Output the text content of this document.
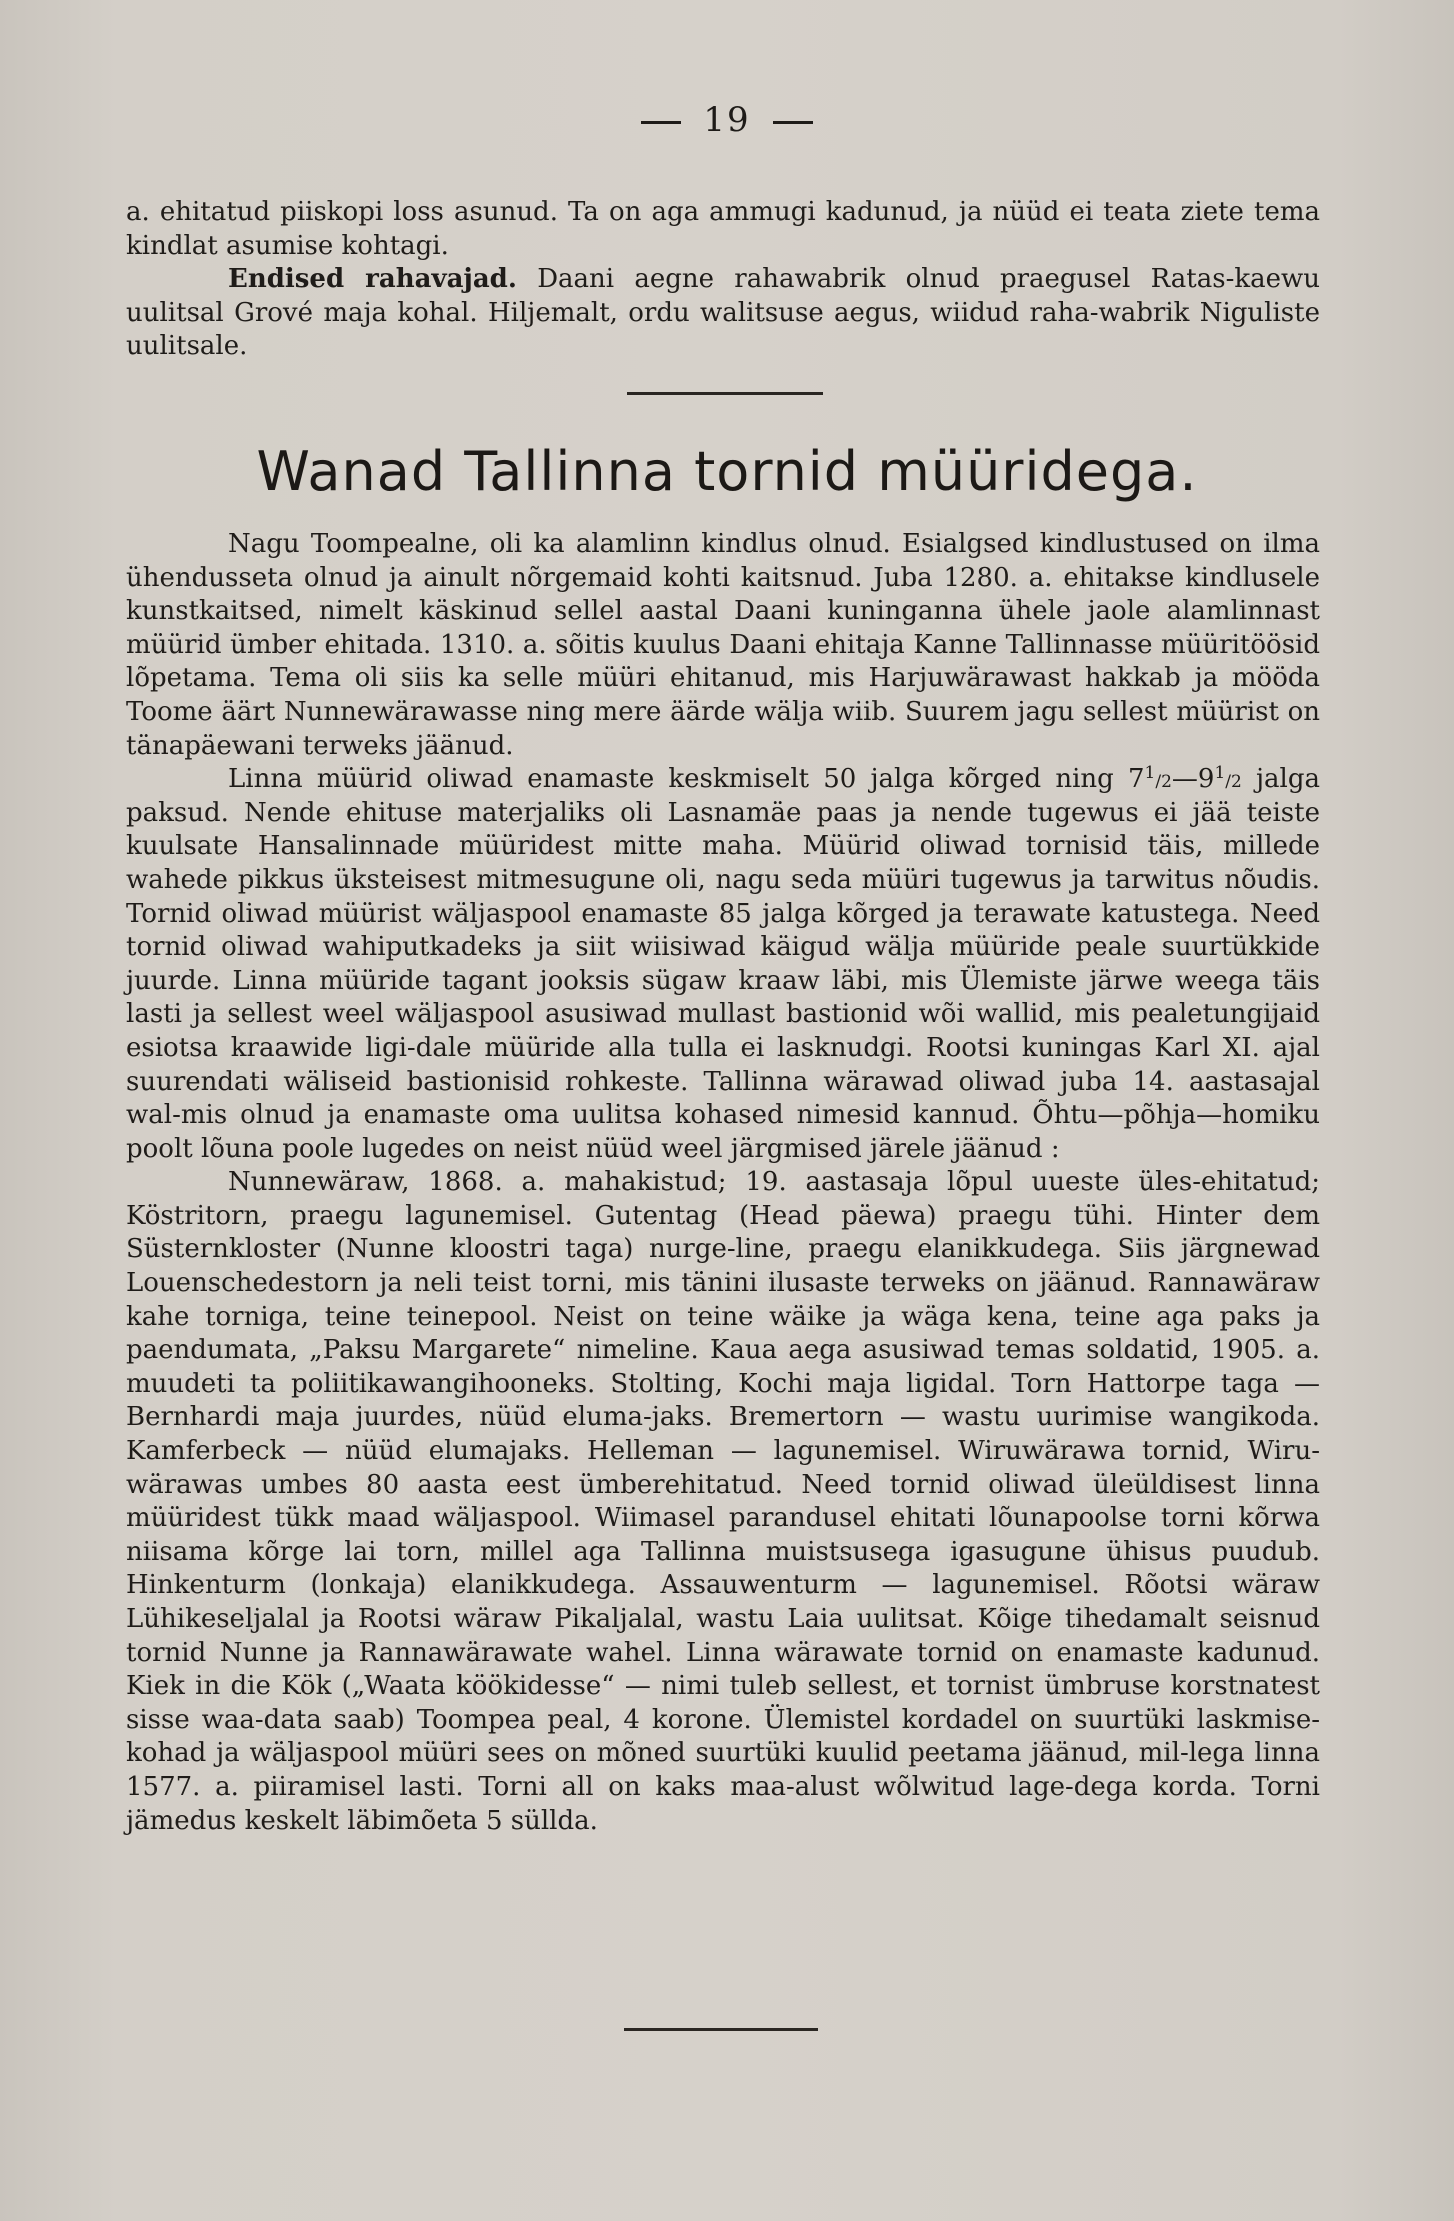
19

a. ehitatud piiskopi loss asunud. Ta on aga ammugi kadunud, ja nüüd ei teata ziete tema kindlat asumise kohtagi.

Endised rahavajad. Daani aegne rahawabrik olnud praegusel Ratas-kaewu uulitsal Grové maja kohal. Hiljemalt, ordu walitsuse aegus, wiidud raha-wabrik Niguliste uulitsale.

Wanad Tallinna tornid müüridega.

Nagu Toompealne, oli ka alamlinn kindlus olnud. Esialgsed kindlustused on ilma ühendusseta olnud ja ainult nõrgemaid kohti kaitsnud. Juba 1280. a. ehitakse kindlusele kunstkaitsed, nimelt käskinud sellel aastal Daani kuninganna ühele jaole alamlinnast müürid ümber ehitada. 1310. a. sõitis kuulus Daani ehitaja Kanne Tallinnasse müüritöösid lõpetama. Tema oli siis ka selle müüri ehitanud, mis Harjuwärawast hakkab ja mööda Toome äärt Nunnewärawasse ning mere äärde wälja wiib. Suurem jagu sellest müürist on tänapäewani terweks jäänud.

Linna müürid oliwad enamaste keskmiselt 50 jalga kõrged ning $7^1/2—9^1/2$ jalga paksud. Nende ehituse materjaliks oli Lasnamäe paas ja nende tugewus ei jää teiste kuulsate Hansalinnade müüridest mitte maha. Müürid oliwad tornisid täis, millede wahede pikkus üksteisest mitmesugune oli, nagu seda müüri tugewus ja tarwitus nõudis. Tornid oliwad müürist wäljaspool enamaste 85 jalga kõrged ja terawate katustega. Need tornid oliwad wahiputkadeks ja siit wiisiwad käigud wälja müüride peale suurtükkide juurde. Linna müüride tagant jooksis sügaw kraaw läbi, mis Ülemiste järwe weega täis lasti ja sellest weel wäljaspool asusiwad mullast bastionid wõi wallid, mis pealetungijaid esiotsa kraawide ligi-dale müüride alla tulla ei lasknudgi. Rootsi kuningas Karl XI. ajal suurendati wäliseid bastionisid rohkeste. Tallinna wärawad oliwad juba 14. aastasajal wal-mis olnud ja enamaste oma uulitsa kohased nimesid kannud. Õhtu—põhja—homiku poolt lõuna poole lugedes on neist nüüd weel järgmised järele jäänud :

Nunnewäraw, 1868. a. mahakistud; 19. aastasaja lõpul uueste üles-ehitatud; Köstritorn, praegu lagunemisel. Gutentag (Head päewa) praegu tühi. Hinter dem Süsternkloster (Nunne kloostri taga) nurge-line, praegu elanikkudega. Siis järgnewad Louenschedestorn ja neli teist torni, mis tänini ilusaste terweks on jäänud. Rannawäraw kahe torniga, teine teinepool. Neist on teine wäike ja wäga kena, teine aga paks ja paendumata, „Paksu Margarete“ nimeline. Kaua aega asusiwad temas soldatid, 1905. a. muudeti ta poliitikawangihooneks. Stolting, Kochi maja ligidal. Torn Hattorpe taga — Bernhardi maja juurdes, nüüd eluma-jaks. Bremertorn — wastu uurimise wangikoda. Kamferbeck — nüüd elumajaks. Helleman — lagunemisel. Wiruwärawa tornid, Wiru-wärawas umbes 80 aasta eest ümberehitatud. Need tornid oliwad üleüldisest linna müüridest tükk maad wäljaspool. Wiimasel parandusel ehitati lõunapoolse torni kõrwa niisama kõrge lai torn, millel aga Tallinna muistsusega igasugune ühisus puudub. Hinkenturm (lonkaja) elanikkudega. Assauwenturm — lagunemisel. Rõotsi wäraw Lühikeseljalal ja Rootsi wäraw Pikaljalal, wastu Laia uulitsat. Kõige tihedamalt seisnud tornid Nunne ja Rannawärawate wahel. Linna wärawate tornid on enamaste kadunud. Kiek in die Kök („Waata köökidesse“ — nimi tuleb sellest, et tornist ümbruse korstnatest sisse waa-data saab) Toompea peal, 4 korone. Ülemistel kordadel on suurtüki laskmise-kohad ja wäljaspool müüri sees on mõned suurtüki kuulid peetama jäänud, mil-lega linna 1577. a. piiramisel lasti. Torni all on kaks maa-alust wõlwitud lage-dega korda. Torni jämedus keskelt läbimõeta 5 süllda.
